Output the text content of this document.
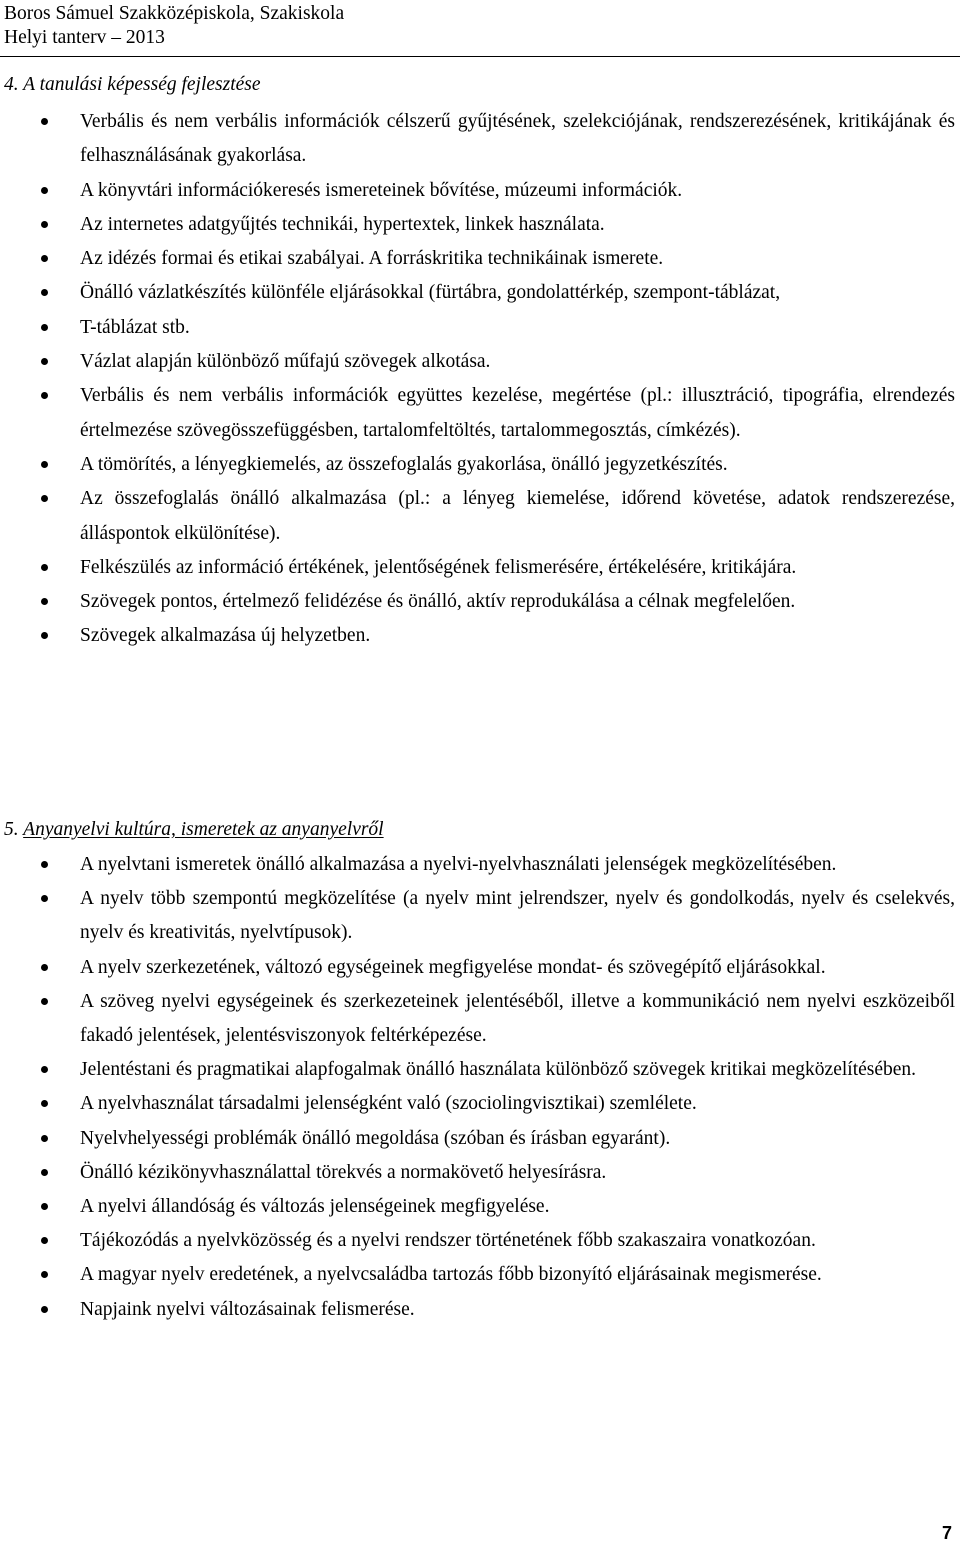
Boros Sámuel Szakközépiskola, Szakiskola
Helyi tanterv – 2013
4. A tanulási képesség fejlesztése
Verbális és nem verbális információk célszerű gyűjtésének, szelekciójának, rendszerezésének, kritikájának és felhasználásának gyakorlása.
A könyvtári információkeresés ismereteinek bővítése, múzeumi információk.
Az internetes adatgyűjtés technikái, hypertextek, linkek használata.
Az idézés formai és etikai szabályai. A forráskritika technikáinak ismerete.
Önálló vázlatkészítés különféle eljárásokkal (fürtábra, gondolattérkép, szempont-táblázat,
T-táblázat stb.
Vázlat alapján különböző műfajú szövegek alkotása.
Verbális és nem verbális információk együttes kezelése, megértése (pl.: illusztráció, tipográfia, elrendezés értelmezése szövegösszefüggésben, tartalomfeltöltés, tartalommegosztás, címkézés).
A tömörítés, a lényegkiemelés, az összefoglalás gyakorlása, önálló jegyzetkészítés.
Az összefoglalás önálló alkalmazása (pl.: a lényeg kiemelése, időrend követése, adatok rendszerezése, álláspontok elkülönítése).
Felkészülés az információ értékének, jelentőségének felismerésére, értékelésére, kritikájára.
Szövegek pontos, értelmező felidézése és önálló, aktív reprodukálása a célnak megfelelően.
Szövegek alkalmazása új helyzetben.
5. Anyanyelvi kultúra, ismeretek az anyanyelvről
A nyelvtani ismeretek önálló alkalmazása a nyelvi-nyelvhasználati jelenségek megközelítésében.
A nyelv több szempontú megközelítése (a nyelv mint jelrendszer, nyelv és gondolkodás, nyelv és cselekvés, nyelv és kreativitás, nyelvtípusok).
A nyelv szerkezetének, változó egységeinek megfigyelése mondat- és szövegépítő eljárásokkal.
A szöveg nyelvi egységeinek és szerkezeteinek jelentéséből, illetve a kommunikáció nem nyelvi eszközeiből fakadó jelentések, jelentésviszonyok feltérképezése.
Jelentéstani és pragmatikai alapfogalmak önálló használata különböző szövegek kritikai megközelítésében.
A nyelvhasználat társadalmi jelenségként való (szociolingvisztikai) szemlélete.
Nyelvhelyességi problémák önálló megoldása (szóban és írásban egyaránt).
Önálló kézikönyvhasználattal törekvés a normakövető helyesírásra.
A nyelvi állandóság és változás jelenségeinek megfigyelése.
Tájékozódás a nyelvközösség és a nyelvi rendszer történetének főbb szakaszaira vonatkozóan.
A magyar nyelv eredetének, a nyelvcsaládba tartozás főbb bizonyító eljárásainak megismerése.
Napjaink nyelvi változásainak felismerése.
7
